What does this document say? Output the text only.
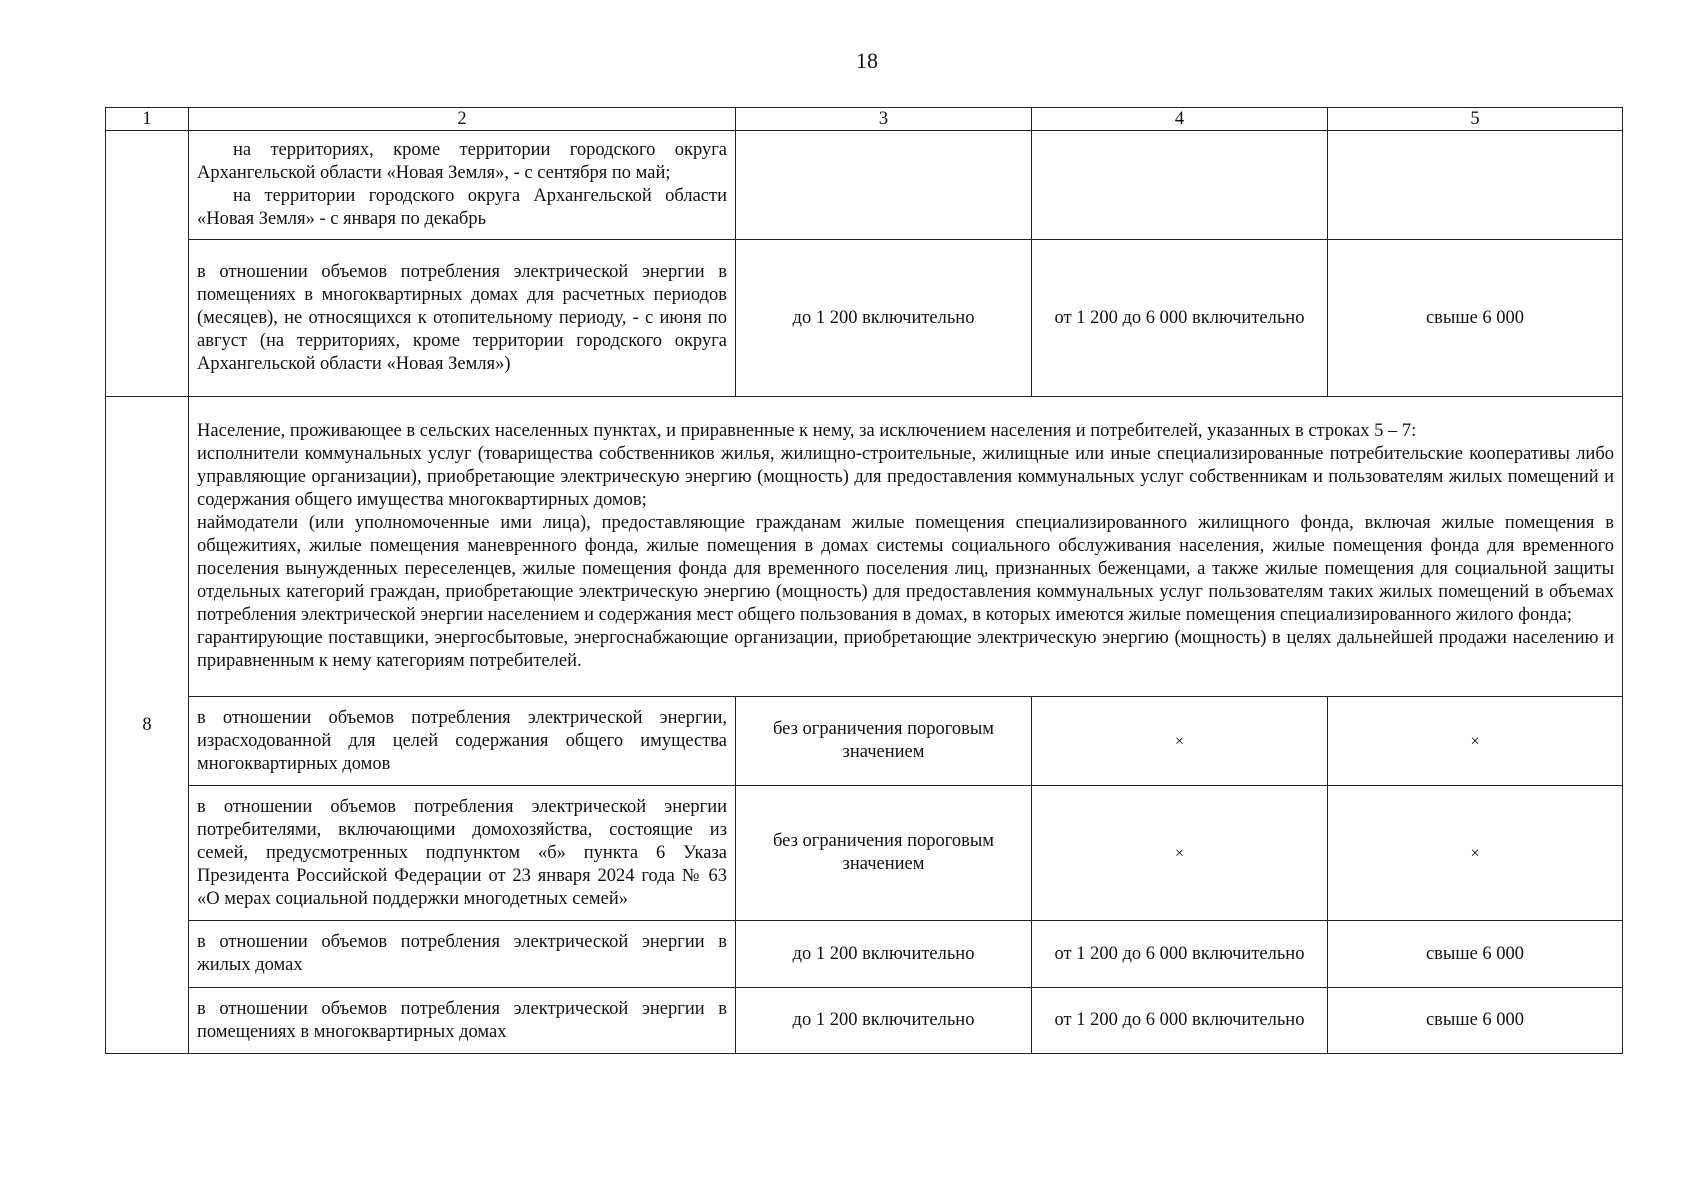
18
1	2	3	4	5

	на территориях, кроме территории городского округа Архангельской области «Новая Земля», - с сентября по май;

на территории городского округа Архангельской области «Новая Земля» - с января по декабрь			

	в отношении объемов потребления электрической энергии в помещениях в многоквартирных домах для расчетных периодов (месяцев), не относящихся к отопительному периоду, - с июня по август (на территориях, кроме территории городского округа Архангельской области «Новая Земля»)	до 1 200 включительно	от 1 200 до 6 000 включительно	свыше 6 000
8	Население, проживающее в сельских населенных пунктах, и приравненные к нему, за исключением населения и потребителей, указанных в строках 5 – 7:

исполнители коммунальных услуг (товарищества собственников жилья, жилищно-строительные, жилищные или иные специализированные потребительские кооперативы либо управляющие организации), приобретающие электрическую энергию (мощность) для предоставления коммунальных услуг собственникам и пользователям жилых помещений и содержания общего имущества многоквартирных домов;

наймодатели (или уполномоченные ими лица), предоставляющие гражданам жилые помещения специализированного жилищного фонда, включая жилые помещения в общежитиях, жилые помещения маневренного фонда, жилые помещения в домах системы социального обслуживания населения, жилые помещения фонда для временного поселения вынужденных переселенцев, жилые помещения фонда для временного поселения лиц, признанных беженцами, а также жилые помещения для социальной защиты отдельных категорий граждан, приобретающие электрическую энергию (мощность) для предоставления коммунальных услуг пользователям таких жилых помещений в объемах потребления электрической энергии населением и содержания мест общего пользования в домах, в которых имеются жилые помещения специализированного жилого фонда;

гарантирующие поставщики, энергосбытовые, энергоснабжающие организации, приобретающие электрическую энергию (мощность) в целях дальнейшей продажи населению и приравненным к нему категориям потребителей.			

	в отношении объемов потребления электрической энергии, израсходованной для целей содержания общего имущества многоквартирных домов	без ограничения пороговым значением	×	×
	в отношении объемов потребления электрической энергии потребителями, включающими домохозяйства, состоящие из семей, предусмотренных подпунктом «б» пункта 6 Указа Президента Российской Федерации от 23 января 2024 года № 63 «О мерах социальной поддержки многодетных семей»	без ограничения пороговым значением	×	×
	в отношении объемов потребления электрической энергии в жилых домах	до 1 200 включительно	от 1 200 до 6 000 включительно	свыше 6 000
	в отношении объемов потребления электрической энергии в помещениях в многоквартирных домах	до 1 200 включительно	от 1 200 до 6 000 включительно	свыше 6 000
